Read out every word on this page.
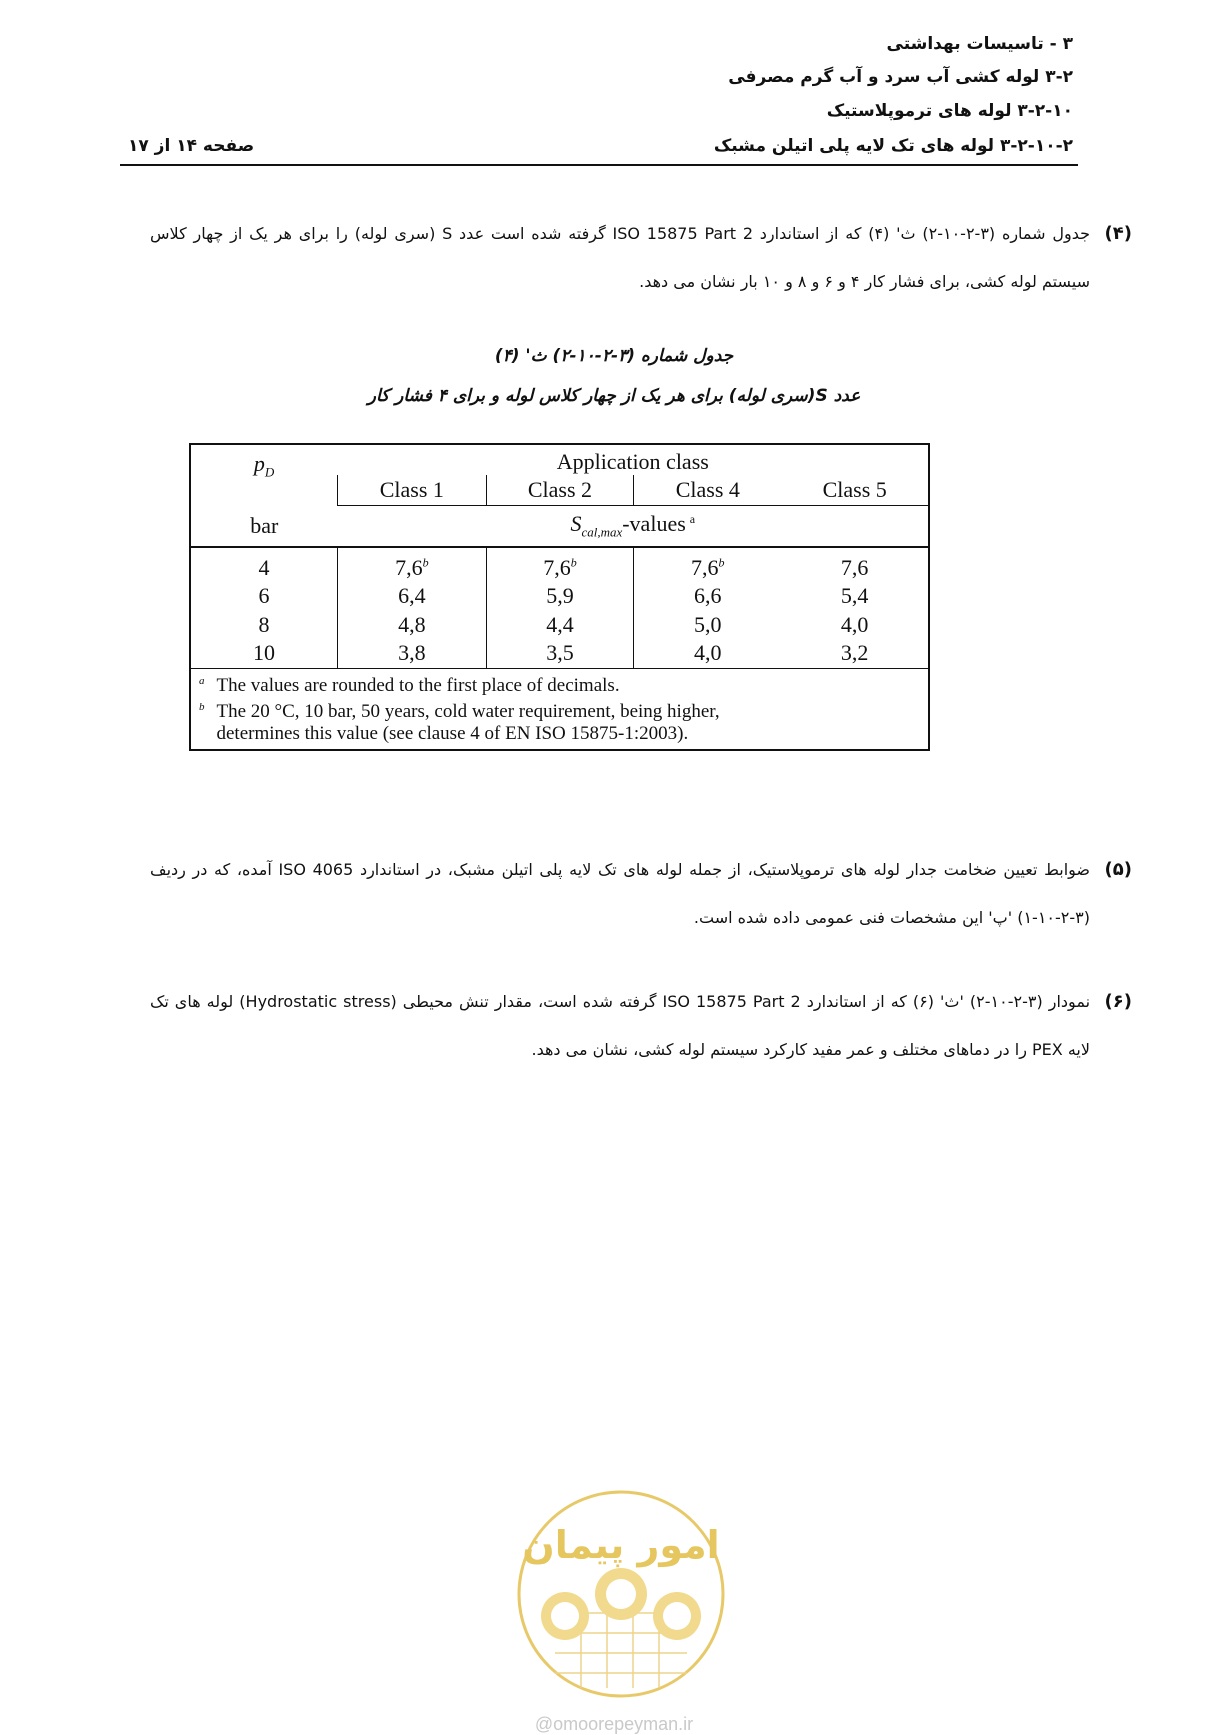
۳ - تاسیسات بهداشتی
۳-۲ لوله کشی آب سرد و آب گرم مصرفی
۳-۲-۱۰ لوله های ترموپلاستیک
۳-۲-۱۰-۲ لوله های تک لایه پلی اتیلن مشبک
صفحه ۱۴ از ۱۷
(۴)
جدول شماره (۳-۲-۱۰-۲) ث' (۴) که از استاندارد ISO 15875 Part 2 گرفته شده است عدد S (سری لوله) را برای هر یک از چهار کلاس سیستم لوله کشی، برای فشار کار ۴ و ۶ و ۸ و ۱۰ بار نشان می دهد.
جدول شماره (۳-۲-۱۰-۲) ث' (۴)
عدد S(سری لوله) برای هر یک از چهار کلاس لوله و برای ۴ فشار کار
$p_D$	Application class			
	Class 1	Class 2	Class 4	Class 5
bar	$S_{cal,max}$-values $^a$
4	7,6$^b$	7,6$^b$	7,6$^b$	7,6
6	6,4	5,9	6,6	5,4
8	4,8	4,4	5,0	4,0
10	3,8	3,5	4,0	3,2
$^a$ The values are rounded to the first place of decimals.				

b The 20 °C, 10 bar, 50 years, cold water requirement, being higher,
determines this value (see clause 4 of EN ISO 15875-1:2003).				
(۵)
ضوابط تعیین ضخامت جدار لوله های ترموپلاستیک، از جمله لوله های تک لایه پلی اتیلن مشبک، در استاندارد ISO 4065 آمده، که در ردیف (۳-۲-۱۰-۱) 'پ' این مشخصات فنی عمومی داده شده است.
(۶)
نمودار (۳-۲-۱۰-۲) 'ث' (۶) که از استاندارد ISO 15875 Part 2 گرفته شده است، مقدار تنش محیطی (Hydrostatic stress) لوله های تک لایه PEX را در دماهای مختلف و عمر مفید کارکرد سیستم لوله کشی، نشان می دهد.
امور پیمان
@omoorepeyman.ir
